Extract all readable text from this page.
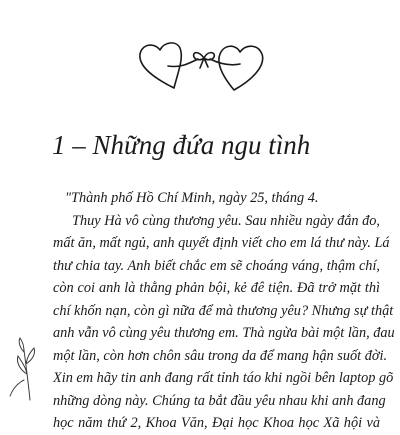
1 – Những đứa ngu tình
"Thành phố Hồ Chí Minh, ngày 25, tháng 4.
Thuy Hà vô cùng thương yêu. Sau nhiều ngày đắn đo,
mất ăn, mất ngủ, anh quyết định viết cho em lá thư này. Lá
thư chia tay. Anh biết chắc em sẽ choáng váng, thậm chí,
còn coi anh là thằng phản bội, kẻ đê tiện. Đã trở mặt thì
chí khốn nạn, còn gì nữa để mà thương yêu? Nhưng sự thật
anh vẫn vô cùng yêu thương em. Thà ngừa bài một lần, đau
một lần, còn hơn chôn sâu trong da để mang hận suốt đời.
Xin em hãy tin anh đang rất tỉnh táo khi ngồi bên laptop gõ
những dòng này. Chúng ta bắt đầu yêu nhau khi anh đang
học năm thứ 2, Khoa Văn, Đại học Khoa học Xã hội và
